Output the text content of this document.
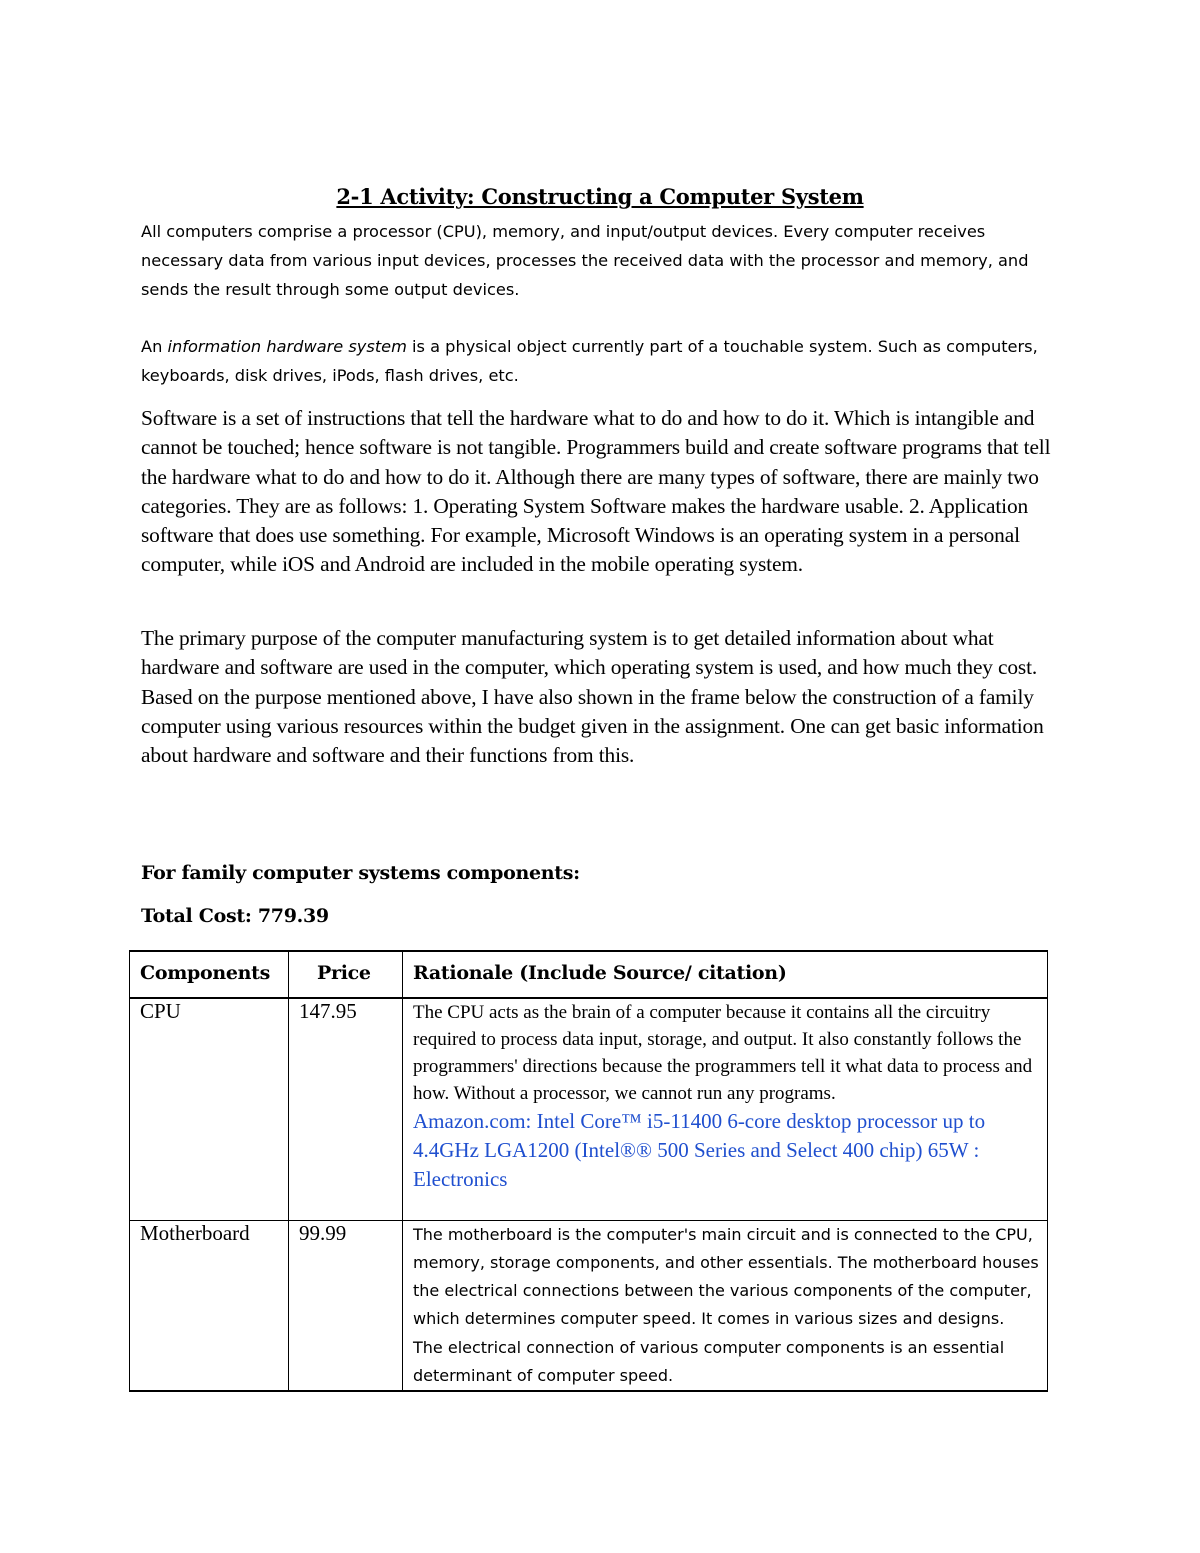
2-1 Activity: Constructing a Computer System

All computers comprise a processor (CPU), memory, and input/output devices. Every computer receives necessary data from various input devices, processes the received data with the processor and memory, and sends the result through some output devices.

An information hardware system is a physical object currently part of a touchable system. Such as computers, keyboards, disk drives, iPods, flash drives, etc.

Software is a set of instructions that tell the hardware what to do and how to do it. Which is intangible and cannot be touched; hence software is not tangible. Programmers build and create software programs that tell the hardware what to do and how to do it. Although there are many types of software, there are mainly two categories. They are as follows: 1. Operating System Software makes the hardware usable. 2. Application software that does use something. For example, Microsoft Windows is an operating system in a personal computer, while iOS and Android are included in the mobile operating system.

The primary purpose of the computer manufacturing system is to get detailed information about what hardware and software are used in the computer, which operating system is used, and how much they cost. Based on the purpose mentioned above, I have also shown in the frame below the construction of a family computer using various resources within the budget given in the assignment. One can get basic information about hardware and software and their functions from this.

For family computer systems components:
Total Cost: 779.39
Components	Price	Rationale (Include Source/ citation)
CPU	147.95	The CPU acts as the brain of a computer because it contains all the circuitry required to process data input, storage, and output. It also constantly follows the programmers' directions because the programmers tell it what data to process and how. Without a processor, we cannot run any programs.
Amazon.com: Intel Core™ i5-11400 6-core desktop processor up to 4.4GHz LGA1200 (Intel®® 500 Series and Select 400 chip) 65W : Electronics

Motherboard	99.99	The motherboard is the computer's main circuit and is connected to the CPU, memory, storage components, and other essentials. The motherboard houses the electrical connections between the various components of the computer, which determines computer speed. It comes in various sizes and designs. The electrical connection of various computer components is an essential determinant of computer speed.
